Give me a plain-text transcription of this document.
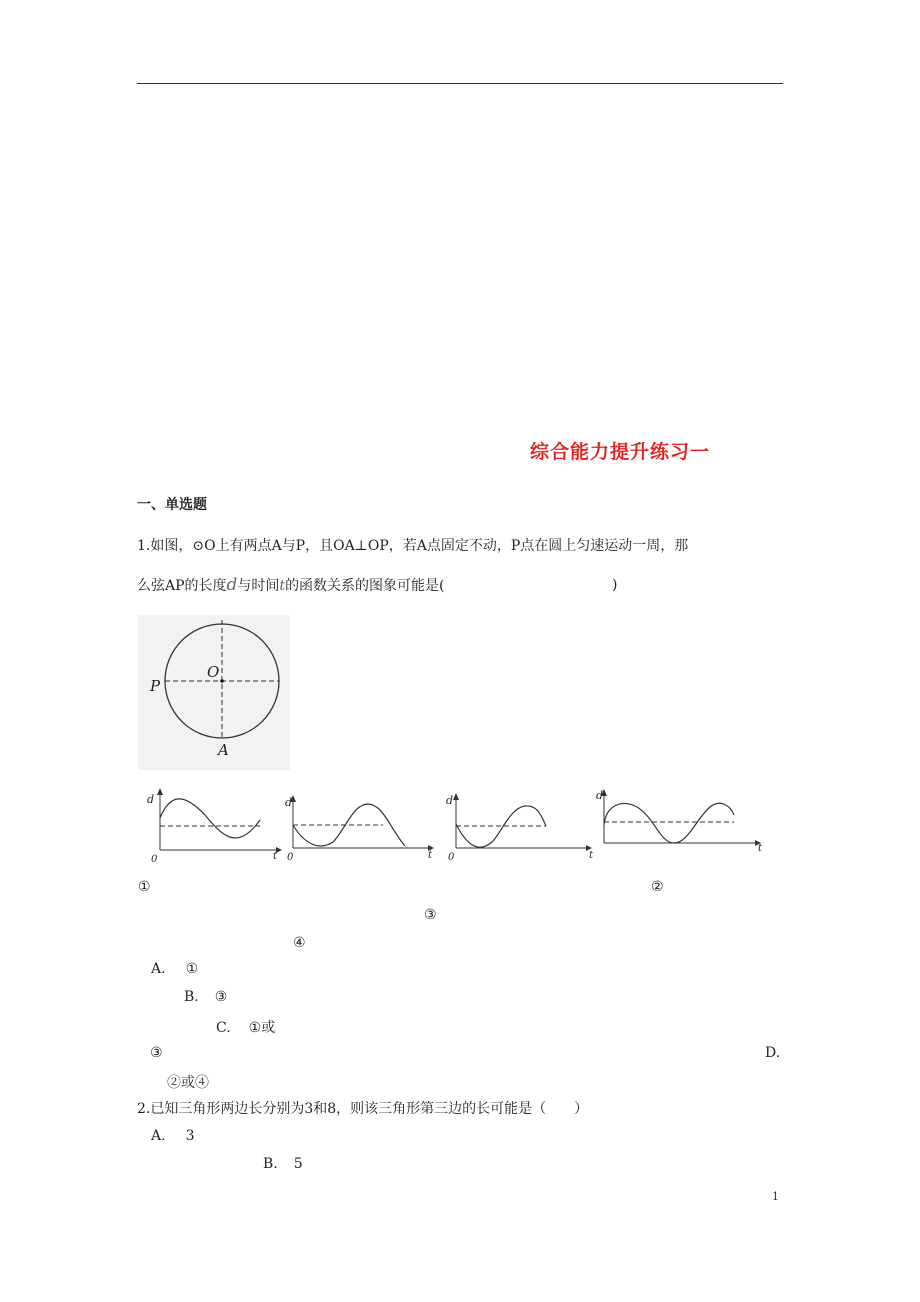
综合能力提升练习一
一、单选题
1.如图，⊙O上有两点A与P，且OA⊥OP，若A点固定不动，P点在圆上匀速运动一周，那
么弦AP的长度d与时间t的函数关系的图象可能是(	)
O
P
A
d
0	t
d
0	t
d
0	t
d
t
①	②
③
④
A. ①
B. ③
C. ①或
③	D.
②或④
2.已知三角形两边长分别为3和8，则该三角形第三边的长可能是（　　）
A. 3
B. 5
1
